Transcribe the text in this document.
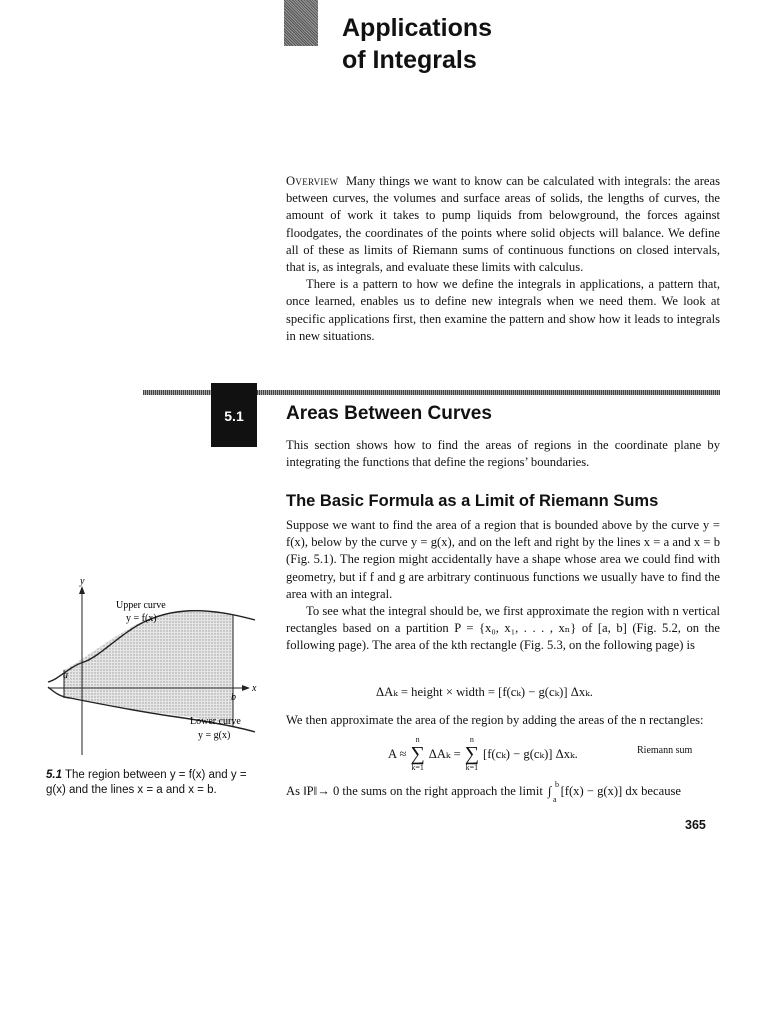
Applications
of Integrals

Overview Many things we want to know can be calculated with integrals: the areas between curves, the volumes and surface areas of solids, the lengths of curves, the amount of work it takes to pump liquids from belowground, the forces against floodgates, the coordinates of the points where solid objects will balance. We define all of these as limits of Riemann sums of continuous functions on closed intervals, that is, as integrals, and evaluate these limits with calculus.

There is a pattern to how we define the integrals in applications, a pattern that, once learned, enables us to define new integrals when we need them. We look at specific applications first, then examine the pattern and show how it leads to integrals in new situations.

5.1	Areas Between Curves
This section shows how to find the areas of regions in the coordinate plane by integrating the functions that define the regions’ boundaries.
The Basic Formula as a Limit of Riemann Sums

Suppose we want to find the area of a region that is bounded above by the curve y = f(x), below by the curve y = g(x), and on the left and right by the lines x = a and x = b (Fig. 5.1). The region might accidentally have a shape whose area we could find with geometry, but if f and g are arbitrary continuous functions we usually have to find the area with an integral.

To see what the integral should be, we first approximate the region with n vertical rectangles based on a partition P = {x₀, x₁, . . . , xₙ} of [a, b] (Fig. 5.2, on the following page). The area of the kth rectangle (Fig. 5.3, on the following page) is

ΔAₖ = height × width = [f(cₖ) − g(cₖ)] Δxₖ.
We then approximate the area of the region by adding the areas of the n rectangles:
A ≈
n
∑
k=1
ΔAₖ =
n
∑
k=1
[f(cₖ) − g(cₖ)] Δxₖ.	Riemann sum
As ‖P‖→ 0 the sums on the right approach the limit ∫ b
a
[f(x) − g(x)] dx because
y
x
a
b
Upper curve
y = f(x)
Lower curve
y = g(x)
5.1 The region between y = f(x) and y = g(x) and the lines x = a and x = b.
365
